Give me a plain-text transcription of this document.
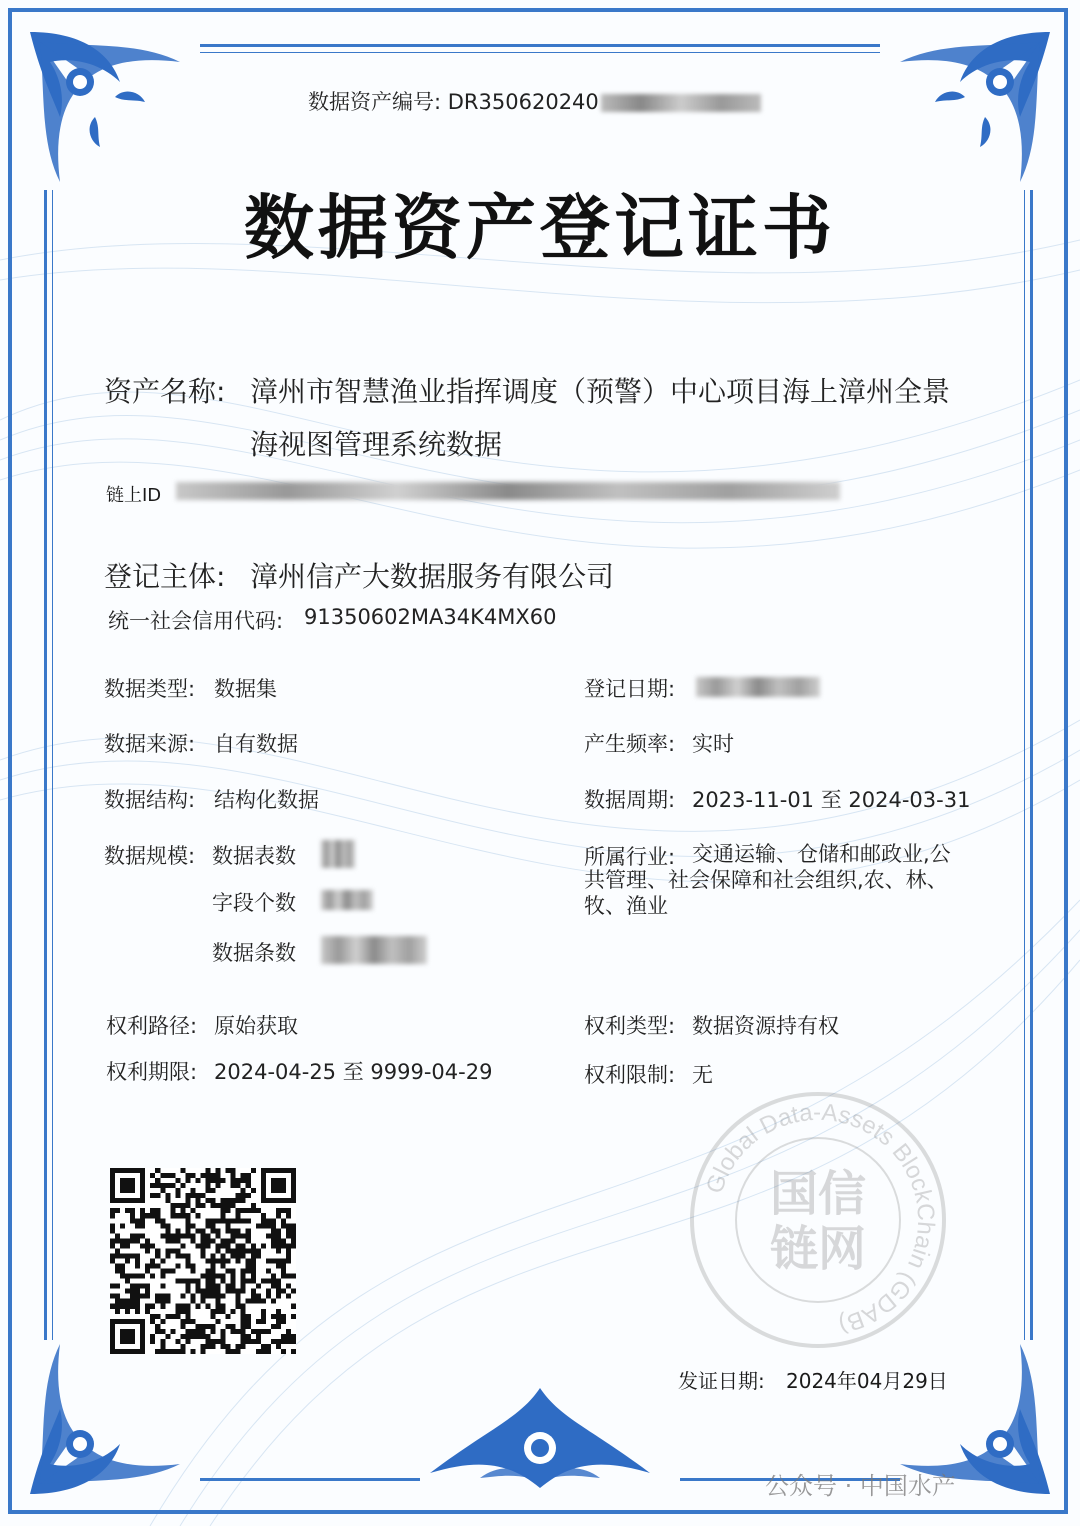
数据资产编号: DR350620240
数据资产登记证书
资产名称: 漳州市智慧渔业指挥调度（预警）中心项目海上漳州全景
海视图管理系统数据
链上ID
登记主体: 漳州信产大数据服务有限公司
统一社会信用代码: 91350602MA34K4MX60
数据类型: 数据集
数据来源: 自有数据
数据结构: 结构化数据
数据规模: 数据表数
字段个数
数据条数
登记日期:
产生频率: 实时
数据周期: 2023-11-01 至 2024-03-31
所属行业: 交通运输、仓储和邮政业,公共管理、社会保障和社会组织,农、林、牧、渔业
权利路径: 原始获取	权利类型: 数据资源持有权
权利期限: 2024-04-25 至 9999-04-29	权利限制: 无
Global Data-Assets BlockChain (GDAB)
国信
链网
发证日期: 2024年04月29日
公众号 · 中国水产
